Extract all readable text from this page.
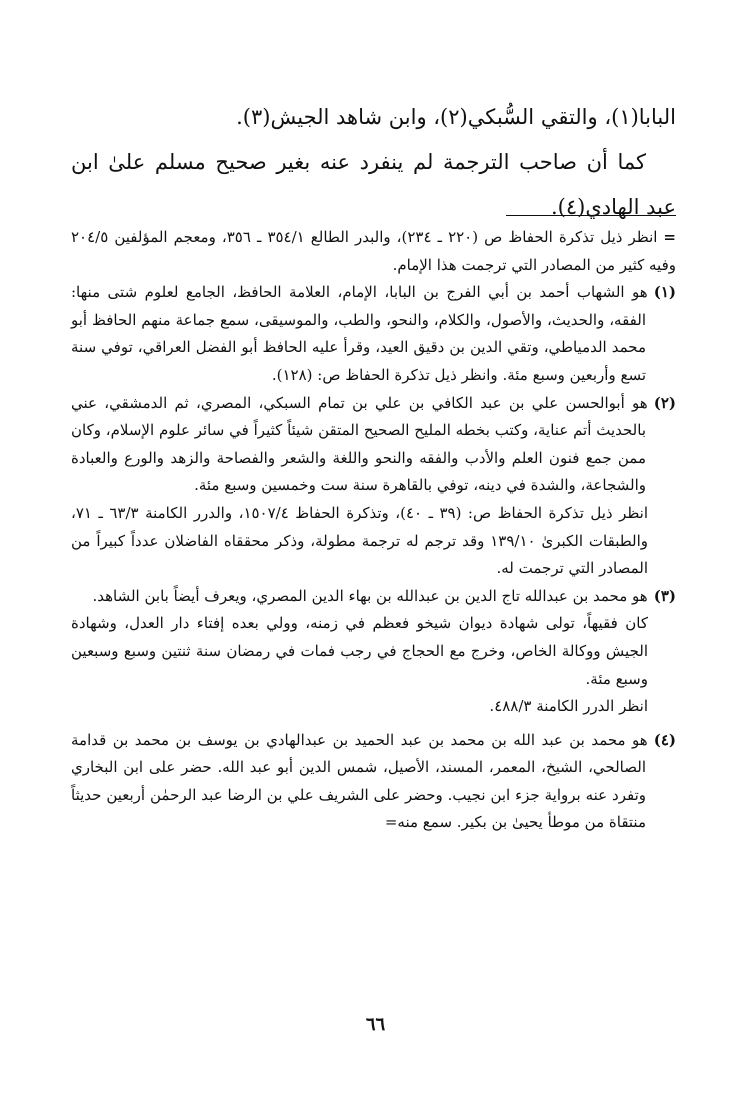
البابا(١)، والتقي السُّبكي(٢)، وابن شاهد الجيش(٣).

كما أن صاحب الترجمة لم ينفرد عنه بغير صحيح مسلم علىٰ ابن عبد الهادي(٤).

=انظر ذيل تذكرة الحفاظ ص (٢٢٠ ـ ٢٣٤)، والبدر الطالع ٣٥٤/١ ـ ٣٥٦، ومعجم المؤلفين ٢٠٤/٥ وفيه كثير من المصادر التي ترجمت هذا الإمام.

(١)هو الشهاب أحمد بن أبي الفرج بن البابا، الإمام، العلامة الحافظ، الجامع لعلوم شتى منها: الفقه، والحديث، والأصول، والكلام، والنحو، والطب، والموسيقى، سمع جماعة منهم الحافظ أبو محمد الدمياطي، وتقي الدين بن دقيق العيد، وقرأ عليه الحافظ أبو الفضل العراقي، توفي سنة تسع وأربعين وسبع مئة. وانظر ذيل تذكرة الحفاظ ص: (١٢٨).

(٢)هو أبوالحسن علي بن عبد الكافي بن علي بن تمام السبكي، المصري، ثم الدمشقي، عني بالحديث أتم عناية، وكتب بخطه المليح الصحيح المتقن شيئاً كثيراً في سائر علوم الإسلام، وكان ممن جمع فنون العلم والأدب والفقه والنحو واللغة والشعر والفصاحة والزهد والورع والعبادة والشجاعة، والشدة في دينه، توفي بالقاهرة سنة ست وخمسين وسبع مئة.

انظر ذيل تذكرة الحفاظ ص: (٣٩ ـ ٤٠)، وتذكرة الحفاظ ١٥٠٧/٤، والدرر الكامنة ٦٣/٣ ـ ٧١، والطبقات الكبرىٰ ١٣٩/١٠ وقد ترجم له ترجمة مطولة، وذكر محققاه الفاضلان عدداً كبيراً من المصادر التي ترجمت له.

(٣)هو محمد بن عبدالله تاج الدين بن عبدالله بن بهاء الدين المصري، ويعرف أيضاً بابن الشاهد.

كان فقيهاً، تولى شهادة ديوان شيخو فعظم في زمنه، وولي بعده إفتاء دار العدل، وشهادة الجيش ووكالة الخاص، وخرج مع الحجاج في رجب فمات في رمضان سنة ثنتين وسبع وسبعين وسبع مئة.

انظر الدرر الكامنة ٤٨٨/٣.

(٤)هو محمد بن عبد الله بن محمد بن عبد الحميد بن عبدالهادي بن يوسف بن محمد بن قدامة الصالحي، الشيخ، المعمر، المسند، الأصيل، شمس الدين أبو عبد الله. حضر على ابن البخاري وتفرد عنه برواية جزء ابن نجيب. وحضر على الشريف علي بن الرضا عبد الرحمٰن أربعين حديثاً منتقاة من موطأ يحيىٰ بن بكير. سمع منه=

٦٦
